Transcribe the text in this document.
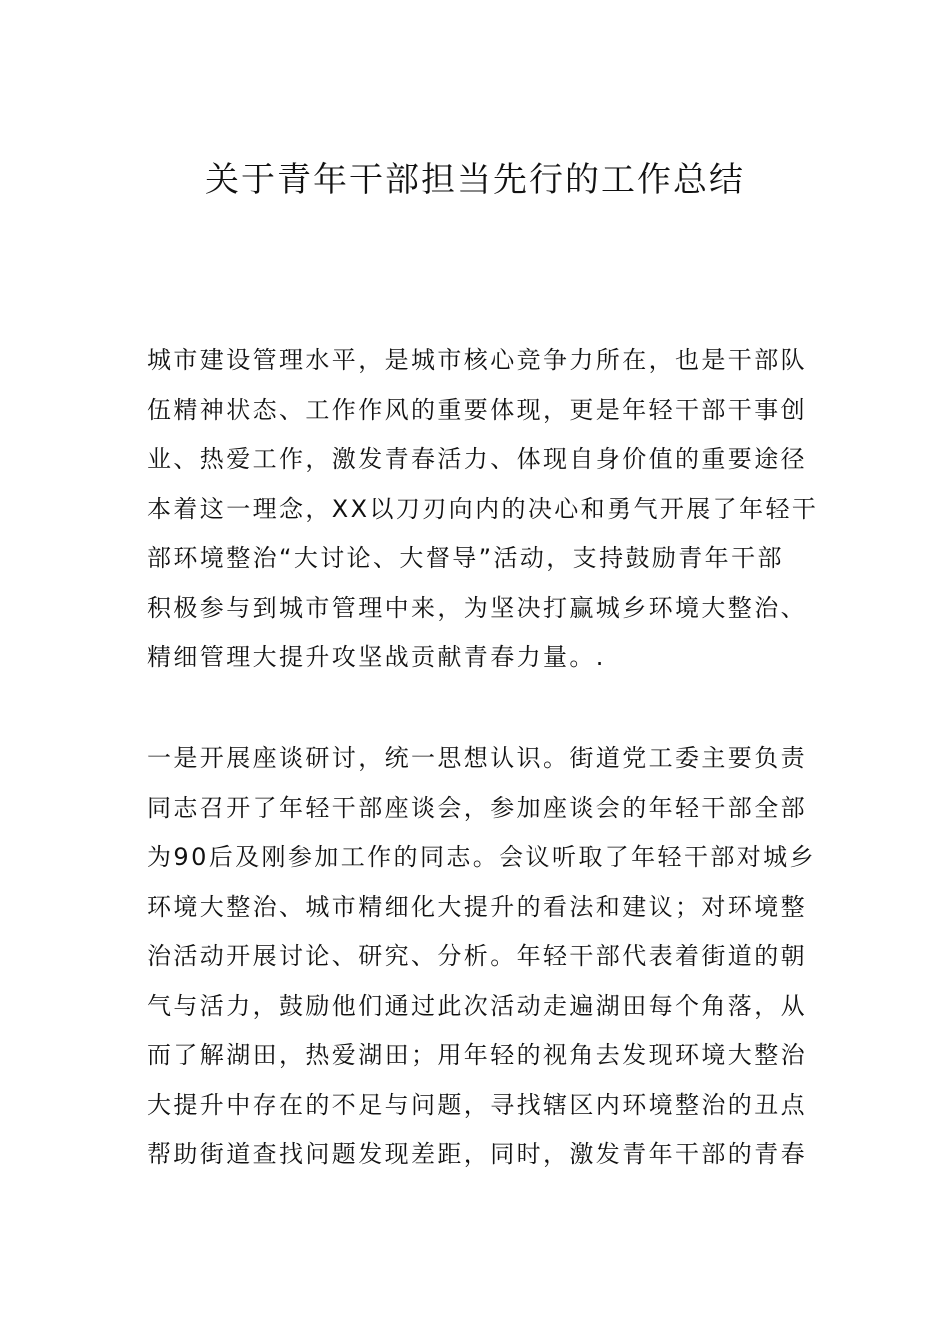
关于青年干部担当先行的工作总结
城市建设管理水平，是城市核心竞争力所在，也是干部队
伍精神状态、工作作风的重要体现，更是年轻干部干事创
业、热爱工作，激发青春活力、体现自身价值的重要途径
本着这一理念，XX以刀刃向内的决心和勇气开展了年轻干
部环境整治“大讨论、大督导”活动，支持鼓励青年干部
积极参与到城市管理中来，为坚决打赢城乡环境大整治、
精细管理大提升攻坚战贡献青春力量。.
一是开展座谈研讨，统一思想认识。街道党工委主要负责
同志召开了年轻干部座谈会，参加座谈会的年轻干部全部
为90后及刚参加工作的同志。会议听取了年轻干部对城乡
环境大整治、城市精细化大提升的看法和建议；对环境整
治活动开展讨论、研究、分析。年轻干部代表着街道的朝
气与活力，鼓励他们通过此次活动走遍湖田每个角落，从
而了解湖田，热爱湖田；用年轻的视角去发现环境大整治
大提升中存在的不足与问题，寻找辖区内环境整治的丑点
帮助街道查找问题发现差距，同时，激发青年干部的青春
